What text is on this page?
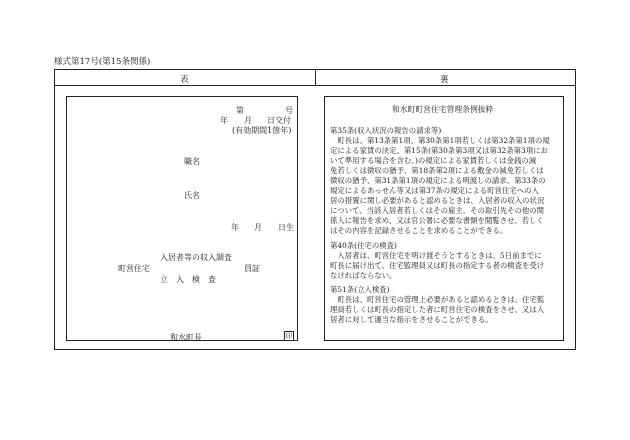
様式第17号(第15条関係)
表	裏
第	号
年 月 日交付
(有効期間1箇年)
職名
氏名
年 月 日生
入居者等の収入調査
町営住宅	員証
立　入　検　査
和水町長	印
和水町町営住宅管理条例抜粋
第35条(収入状況の報告の請求等)
　町長は、第13条第1項、第30条第1項若しくは第32条第1項の規
定による家賃の決定、第15条(第30条第3項又は第32条第3項にお
いて準用する場合を含む。)の規定による家賃若しくは金銭の減
免若しくは徴収の猶予、第18条第2項による敷金の減免若しくは
徴収の猶予、第31条第1項の規定による明渡しの請求、第33条の
規定によるあっせん等又は第37条の規定による町営住宅への入
居の措置に関し必要があると認めるときは、入居者の収入の状況
について、当該入居者若しくはその雇主、その取引先その他の関
係人に報告を求め、又は官公署に必要な書類を閲覧させ、若しく
はその内容を記録させることを求めることができる。
第40条(住宅の検査)
　入居者は、町営住宅を明け渡そうとするときは、5日前までに
町長に届け出て、住宅監理員又は町長の指定する者の検査を受け
なければならない。
第51条(立入検査)
　町長は、町営住宅の管理上必要があると認めるときは、住宅監
理員若しくは町長の指定した者に町営住宅の検査をさせ、又は入
居者に対して適当な指示をさせることができる。
